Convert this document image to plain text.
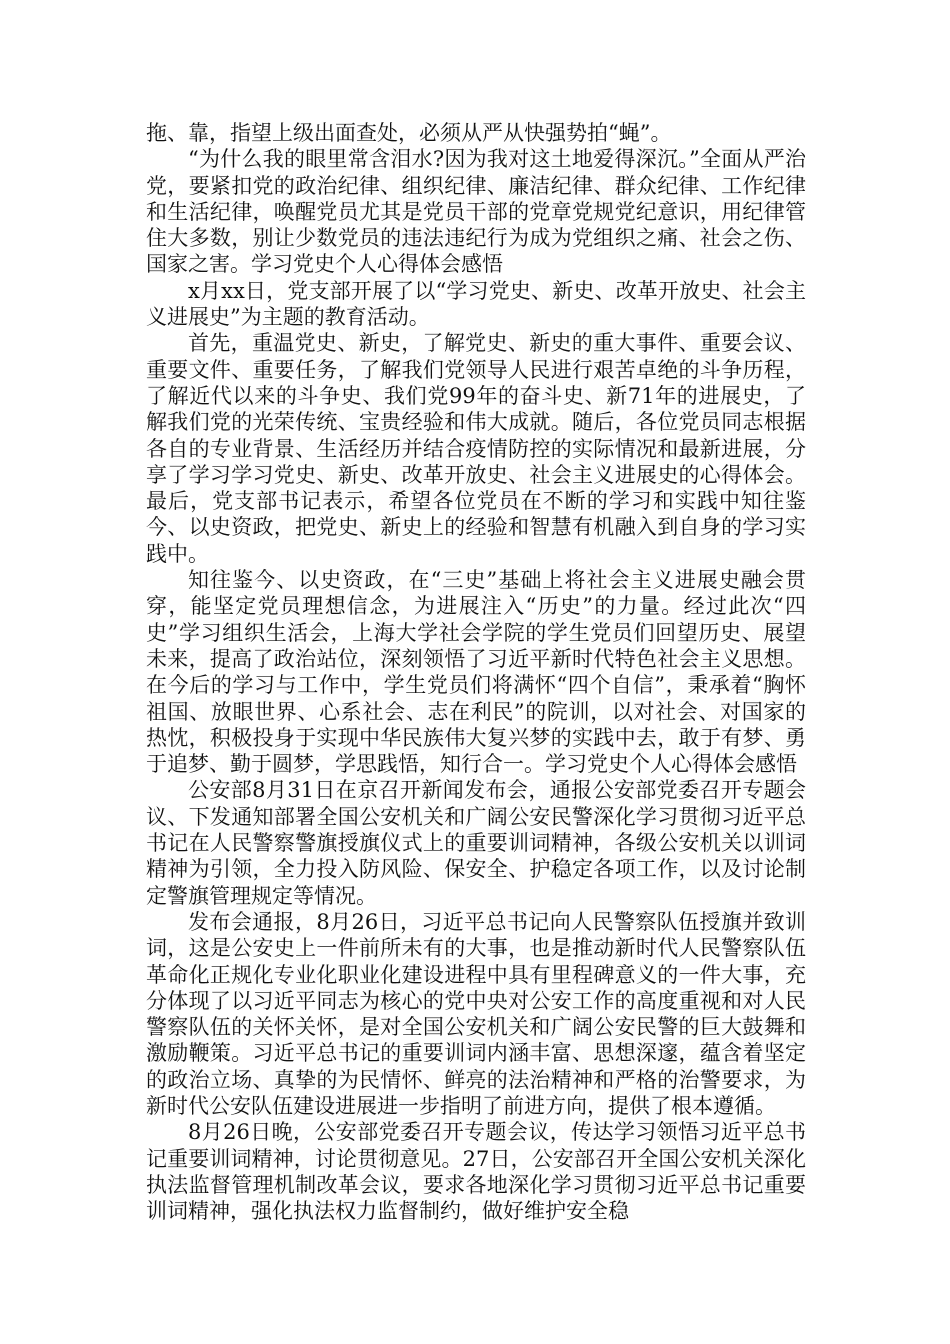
拖、靠，指望上级出面查处，必须从严从快强势拍“蝇”。

“为什么我的眼里常含泪水?因为我对这土地爱得深沉。”全面从严治党，要紧扣党的政治纪律、组织纪律、廉洁纪律、群众纪律、工作纪律和生活纪律，唤醒党员尤其是党员干部的党章党规党纪意识，用纪律管住大多数，别让少数党员的违法违纪行为成为党组织之痛、社会之伤、国家之害。学习党史个人心得体会感悟

x月xx日，党支部开展了以“学习党史、新史、改革开放史、社会主义进展史”为主题的教育活动。

首先，重温党史、新史，了解党史、新史的重大事件、重要会议、重要文件、重要任务，了解我们党领导人民进行艰苦卓绝的斗争历程，了解近代以来的斗争史、我们党99年的奋斗史、新71年的进展史，了解我们党的光荣传统、宝贵经验和伟大成就。随后，各位党员同志根据各自的专业背景、生活经历并结合疫情防控的实际情况和最新进展，分享了学习学习党史、新史、改革开放史、社会主义进展史的心得体会。最后，党支部书记表示，希望各位党员在不断的学习和实践中知往鉴今、以史资政，把党史、新史上的经验和智慧有机融入到自身的学习实践中。

知往鉴今、以史资政，在“三史”基础上将社会主义进展史融会贯穿，能坚定党员理想信念，为进展注入“历史”的力量。经过此次“四史”学习组织生活会，上海大学社会学院的学生党员们回望历史、展望未来，提高了政治站位，深刻领悟了习近平新时代特色社会主义思想。在今后的学习与工作中，学生党员们将满怀“四个自信”，秉承着“胸怀祖国、放眼世界、心系社会、志在利民”的院训，以对社会、对国家的热忱，积极投身于实现中华民族伟大复兴梦的实践中去，敢于有梦、勇于追梦、勤于圆梦，学思践悟，知行合一。学习党史个人心得体会感悟

公安部8月31日在京召开新闻发布会，通报公安部党委召开专题会议、下发通知部署全国公安机关和广阔公安民警深化学习贯彻习近平总书记在人民警察警旗授旗仪式上的重要训词精神，各级公安机关以训词精神为引领，全力投入防风险、保安全、护稳定各项工作，以及讨论制定警旗管理规定等情况。

发布会通报，8月26日，习近平总书记向人民警察队伍授旗并致训词，这是公安史上一件前所未有的大事，也是推动新时代人民警察队伍革命化正规化专业化职业化建设进程中具有里程碑意义的一件大事，充分体现了以习近平同志为核心的党中央对公安工作的高度重视和对人民警察队伍的关怀关怀，是对全国公安机关和广阔公安民警的巨大鼓舞和激励鞭策。习近平总书记的重要训词内涵丰富、思想深邃，蕴含着坚定的政治立场、真挚的为民情怀、鲜亮的法治精神和严格的治警要求，为新时代公安队伍建设进展进一步指明了前进方向，提供了根本遵循。

8月26日晚，公安部党委召开专题会议，传达学习领悟习近平总书记重要训词精神，讨论贯彻意见。27日，公安部召开全国公安机关深化执法监督管理机制改革会议，要求各地深化学习贯彻习近平总书记重要训词精神，强化执法权力监督制约，做好维护安全稳
